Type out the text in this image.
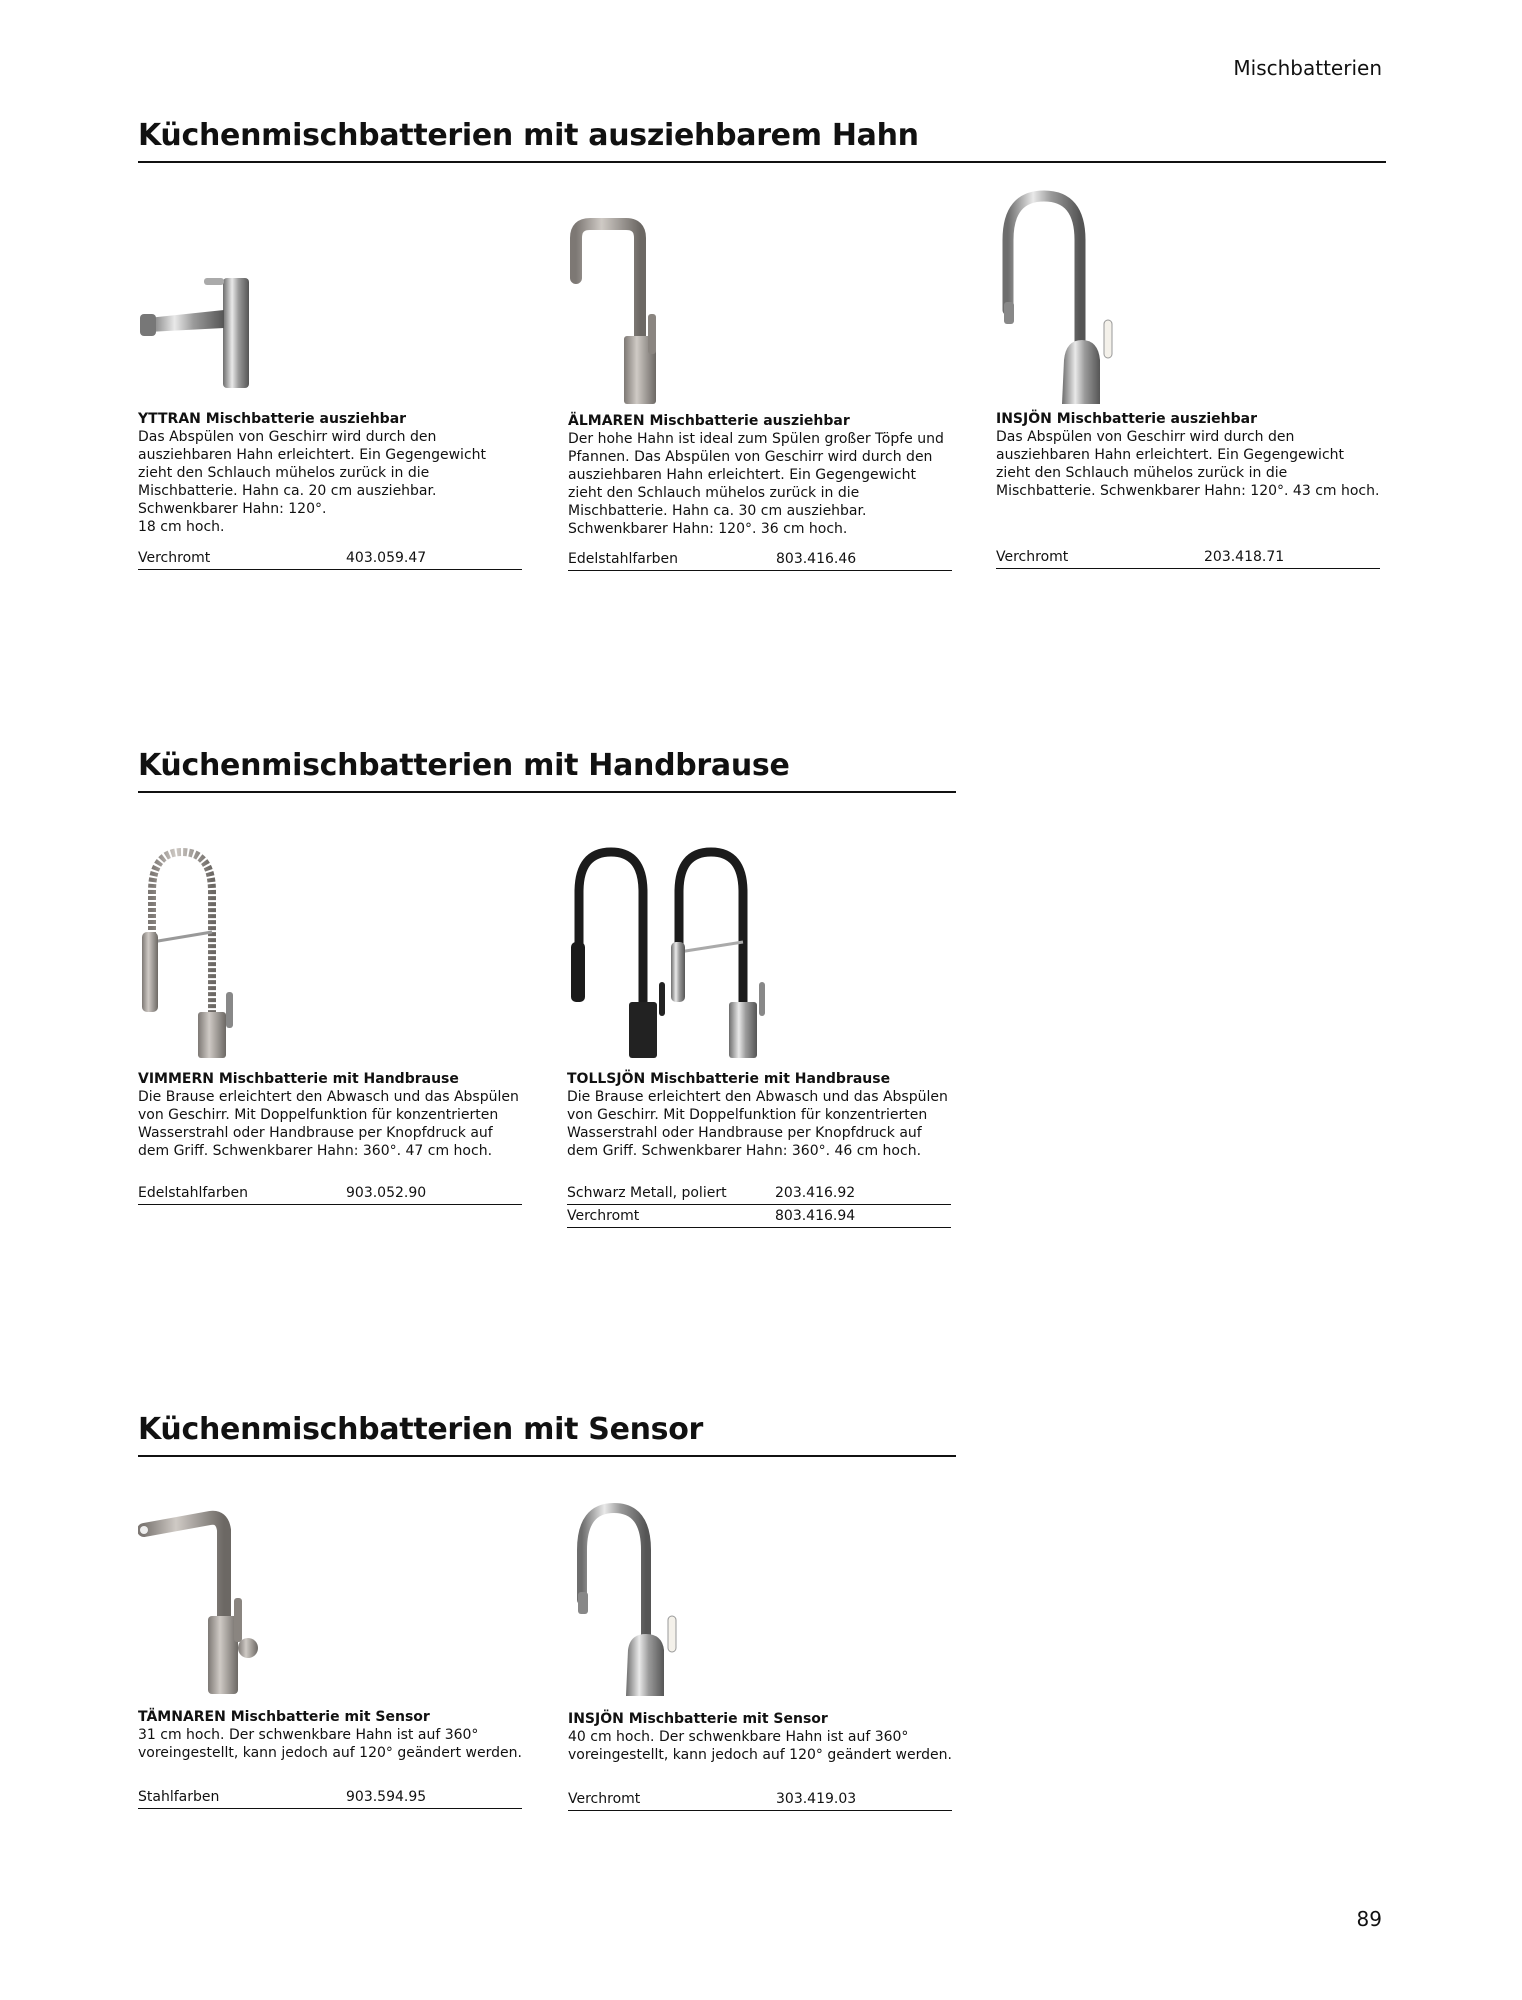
Mischbatterien
Küchenmischbatterien mit ausziehbarem Hahn
YTTRAN Mischbatterie ausziehbar
Das Abspülen von Geschirr wird durch den ausziehbaren Hahn erleichtert. Ein Gegengewicht zieht den Schlauch mühelos zurück in die Mischbatterie. Hahn ca. 20 cm ausziehbar. Schwenkbarer Hahn: 120°.
18 cm hoch.
Verchromt	403.059.47
ÄLMAREN Mischbatterie ausziehbar
Der hohe Hahn ist ideal zum Spülen großer Töpfe und Pfannen. Das Abspülen von Geschirr wird durch den ausziehbaren Hahn erleichtert. Ein Gegengewicht zieht den Schlauch mühelos zurück in die Mischbatterie. Hahn ca. 30 cm ausziehbar. Schwenkbarer Hahn: 120°. 36 cm hoch.
Edelstahlfarben	803.416.46
INSJÖN Mischbatterie ausziehbar
Das Abspülen von Geschirr wird durch den ausziehbaren Hahn erleichtert. Ein Gegengewicht zieht den Schlauch mühelos zurück in die Mischbatterie. Schwenkbarer Hahn: 120°. 43 cm hoch.
Verchromt	203.418.71
Küchenmischbatterien mit Handbrause
VIMMERN Mischbatterie mit Handbrause
Die Brause erleichtert den Abwasch und das Abspülen von Geschirr. Mit Doppelfunktion für konzentrierten Wasserstrahl oder Handbrause per Knopfdruck auf dem Griff. Schwenkbarer Hahn: 360°. 47 cm hoch.
Edelstahlfarben	903.052.90
TOLLSJÖN Mischbatterie mit Handbrause
Die Brause erleichtert den Abwasch und das Abspülen von Geschirr. Mit Doppelfunktion für konzentrierten Wasserstrahl oder Handbrause per Knopfdruck auf dem Griff. Schwenkbarer Hahn: 360°. 46 cm hoch.
Schwarz Metall, poliert	203.416.92
Verchromt	803.416.94
Küchenmischbatterien mit Sensor
TÄMNAREN Mischbatterie mit Sensor
31 cm hoch. Der schwenkbare Hahn ist auf 360° voreingestellt, kann jedoch auf 120° geändert werden.
Stahlfarben	903.594.95
INSJÖN Mischbatterie mit Sensor
40 cm hoch. Der schwenkbare Hahn ist auf 360° voreingestellt, kann jedoch auf 120° geändert werden.
Verchromt	303.419.03
89
